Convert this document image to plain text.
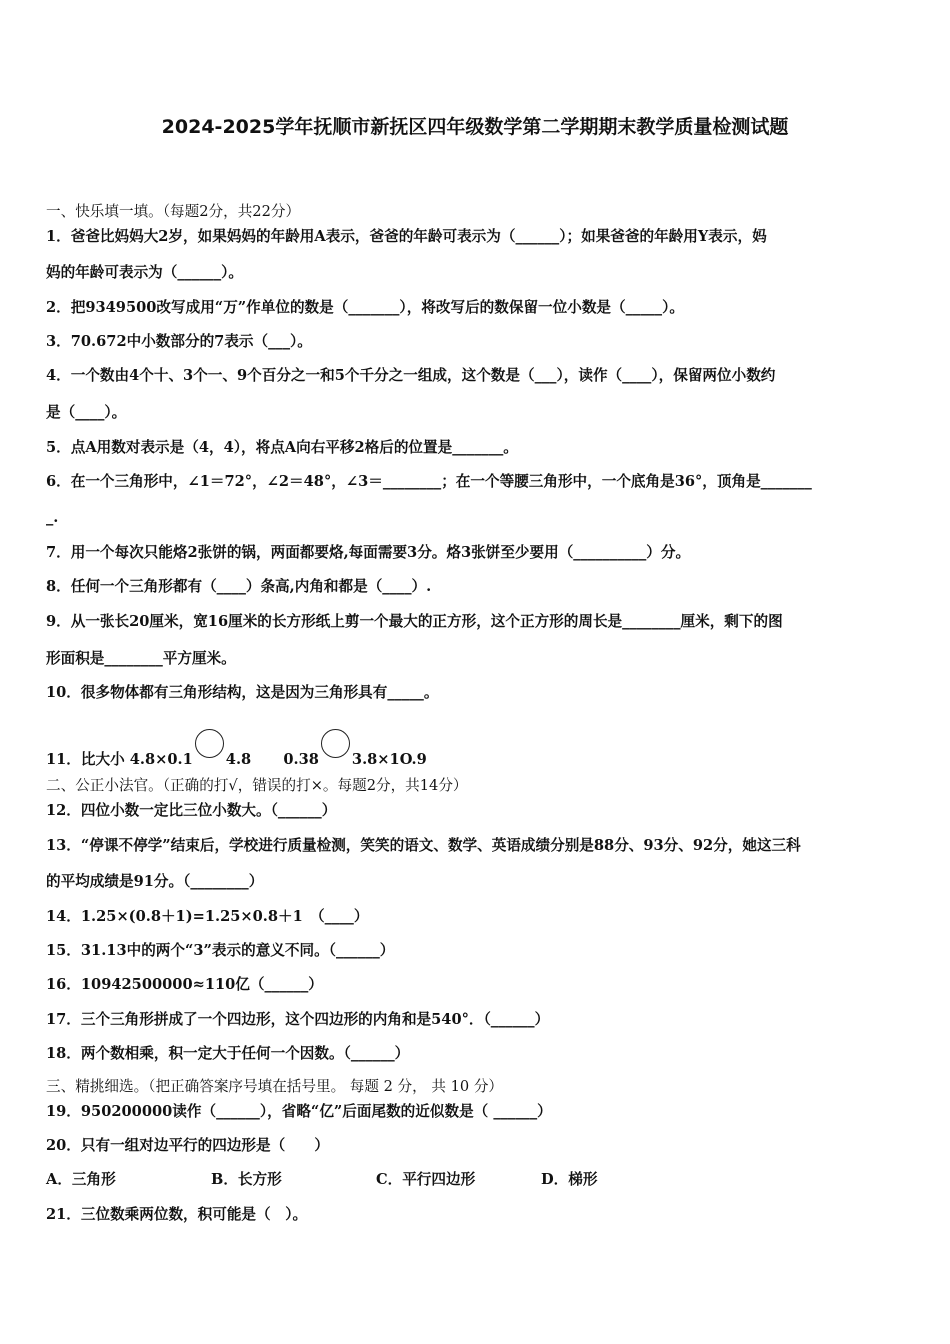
2024-2025学年抚顺市新抚区四年级数学第二学期期末教学质量检测试题
一、快乐填一填。（每题2分，共22分）
1．爸爸比妈妈大2岁，如果妈妈的年龄用A表示，爸爸的年龄可表示为（______）；如果爸爸的年龄用Y表示，妈
妈的年龄可表示为（______）。
2．把9349500改写成用“万”作单位的数是（_______），将改写后的数保留一位小数是（_____）。
3．70.672中小数部分的7表示（___）。
4．一个数由4个十、3个一、9个百分之一和5个千分之一组成，这个数是（___），读作（____），保留两位小数约
是（____）。
5．点A用数对表示是（4，4），将点A向右平移2格后的位置是_______。
6．在一个三角形中，∠1＝72°，∠2＝48°，∠3＝________；在一个等腰三角形中，一个底角是36°，顶角是_______
_.
7．用一个每次只能烙2张饼的锅，两面都要烙,每面需要3分。烙3张饼至少要用（__________）分。
8．任何一个三角形都有（____）条高,内角和都是（____）.
9．从一张长20厘米，宽16厘米的长方形纸上剪一个最大的正方形，这个正方形的周长是________厘米，剩下的图
形面积是________平方厘米。
10．很多物体都有三角形结构，这是因为三角形具有_____。
11．比大小 4.8×0.1 4.8 0.38 3.8×1O.9
二、公正小法官。（正确的打√，错误的打×。每题2分，共14分）
12．四位小数一定比三位小数大。（______）
13．“停课不停学”结束后，学校进行质量检测，笑笑的语文、数学、英语成绩分别是88分、93分、92分，她这三科
的平均成绩是91分。（________）
14．1.25×(0.8＋1)=1.25×0.8＋1　（____）
15．31.13中的两个“3”表示的意义不同。（______）
16．10942500000≈110亿（______）
17．三个三角形拼成了一个四边形，这个四边形的内角和是540°．（______）
18．两个数相乘，积一定大于任何一个因数。（______）
三、精挑细选。（把正确答案序号填在括号里。 每题 2 分， 共 10 分）
19．950200000读作（______），省略“亿”后面尾数的近似数是（ ______）
20．只有一组对边平行的四边形是（　　）
A．三角形	B．长方形	C．平行四边形	D．梯形
21．三位数乘两位数，积可能是（　）。
